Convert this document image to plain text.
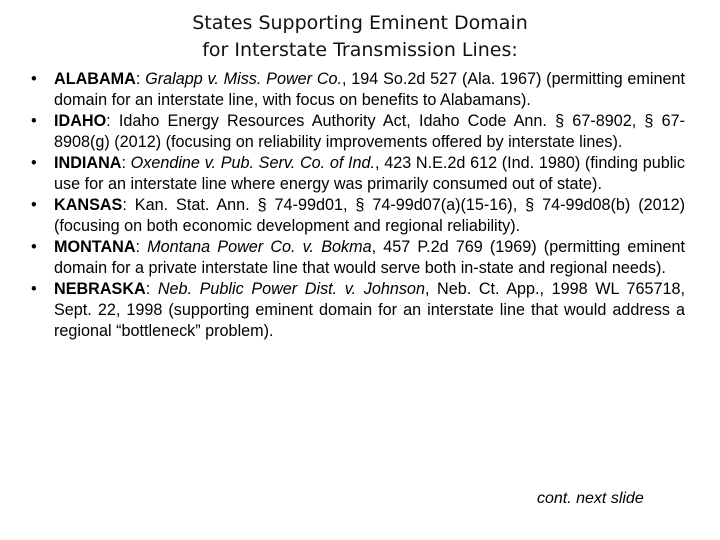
States Supporting Eminent Domain
for Interstate Transmission Lines:
• ALABAMA: Gralapp v. Miss. Power Co., 194 So.2d 527 (Ala. 1967) (permitting eminent domain for an interstate line, with focus on benefits to Alabamans).
• IDAHO: Idaho Energy Resources Authority Act, Idaho Code Ann. § 67-8902, § 67-8908(g) (2012) (focusing on reliability improvements offered by interstate lines).
• INDIANA: Oxendine v. Pub. Serv. Co. of Ind., 423 N.E.2d 612 (Ind. 1980) (finding public use for an interstate line where energy was primarily consumed out of state).
• KANSAS: Kan. Stat. Ann. § 74-99d01, § 74-99d07(a)(15-16), § 74-99d08(b) (2012) (focusing on both economic development and regional reliability).
• MONTANA: Montana Power Co. v. Bokma, 457 P.2d 769 (1969) (permitting eminent domain for a private interstate line that would serve both in-state and regional needs).
• NEBRASKA: Neb. Public Power Dist. v. Johnson, Neb. Ct. App., 1998 WL 765718, Sept. 22, 1998 (supporting eminent domain for an interstate line that would address a regional “bottleneck” problem).
cont. next slide
